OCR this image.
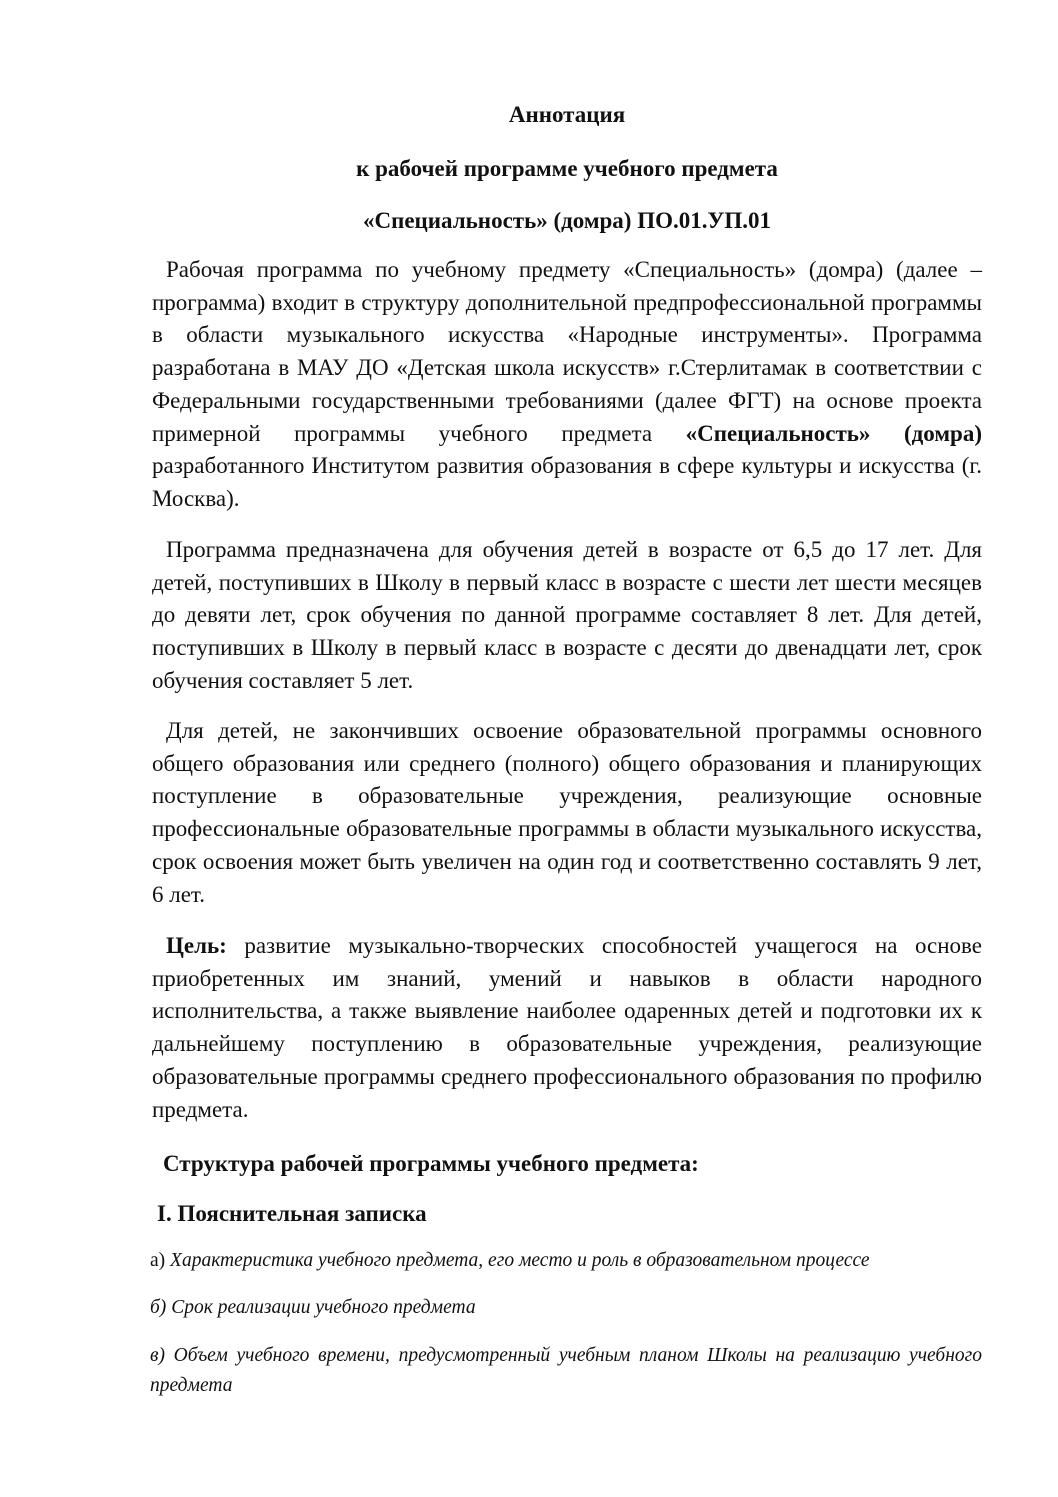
Аннотация
к рабочей программе учебного предмета
«Специальность» (домра) ПО.01.УП.01
Рабочая программа по учебному предмету «Специальность» (домра) (далее – программа) входит в структуру дополнительной предпрофессиональной программы в области музыкального искусства «Народные инструменты». Программа разработана в МАУ ДО «Детская школа искусств» г.Стерлитамак в соответствии с Федеральными государственными требованиями (далее ФГТ) на основе проекта примерной программы учебного предмета «Специальность» (домра) разработанного Институтом развития образования в сфере культуры и искусства (г. Москва).
Программа предназначена для обучения детей в возрасте от 6,5 до 17 лет. Для детей, поступивших в Школу в первый класс в возрасте с шести лет шести месяцев до девяти лет, срок обучения по данной программе составляет 8 лет. Для детей, поступивших в Школу в первый класс в возрасте с десяти до двенадцати лет, срок обучения составляет 5 лет.
Для детей, не закончивших освоение образовательной программы основного общего образования или среднего (полного) общего образования и планирующих поступление в образовательные учреждения, реализующие основные профессиональные образовательные программы в области музыкального искусства, срок освоения может быть увеличен на один год и соответственно составлять 9 лет, 6 лет.
Цель: развитие музыкально-творческих способностей учащегося на основе приобретенных им знаний, умений и навыков в области народного исполнительства, а также выявление наиболее одаренных детей и подготовки их к дальнейшему поступлению в образовательные учреждения, реализующие образовательные программы среднего профессионального образования по профилю предмета.
Структура рабочей программы учебного предмета:
I. Пояснительная записка
а) Характеристика учебного предмета, его место и роль в образовательном процессе
б) Срок реализации учебного предмета
в) Объем учебного времени, предусмотренный учебным планом Школы на реализацию учебного предмета
